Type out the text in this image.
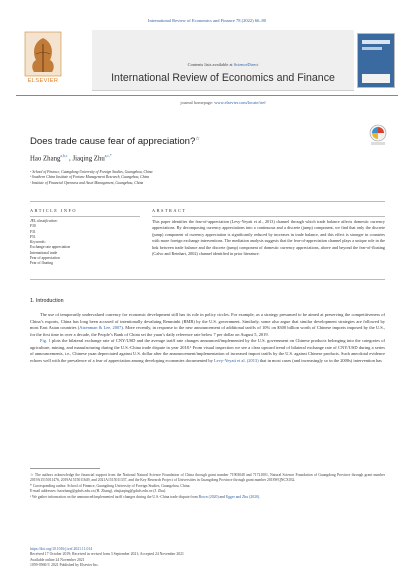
International Review of Economics and Finance 78 (2022) 66–80
ELSEVIER
Contents lists available at ScienceDirect
International Review of Economics and Finance
journal homepage: www.elsevier.com/locate/iref
Does trade cause fear of appreciation?☆
Hao Zhang$^{a,b,c}$ , Jiaqing Zhu$^{a,c,*}$
ᵃ School of Finance, Guangdong University of Foreign Studies, Guangzhou, China
ᵇ Southern China Institute of Fortune Management Research, Guangzhou, China
ᶜ Institute of Financial Openness and Asset Management, Guangzhou, China
ARTICLE INFO	ABSTRACT
JEL classification:
F30
F31
F51
Keywords:
Exchange rate appreciation
International trade
Fear of appreciation
Fear of floating
This paper identifies the fear-of-appreciation (Levy-Yeyati et al., 2013) channel through which trade balance affects domestic currency appreciations. By decomposing currency appreciations into a continuous and a discrete (jump) component, we find that only the discrete (jump) component of currency appreciation is significantly reduced by increases in trade balance, and this effect is stronger in countries with more foreign exchange interventions. The mediation analysis suggests that the fear-of-appreciation channel plays a unique role in the link between trade balance and the discrete (jump) component of domestic currency appreciations, above and beyond the fear-of-floating (Calvo and Reinhart, 2002) channel identified in prior literature.
1. Introduction

The use of temporarily undervalued currency for economic development still has its role in policy circles. For example, as a strategy presumed to be aimed at preserving the competitiveness of China’s exports, China has long been accused of intentionally devaluing Renminbi (RMB) by the U.S. government. Similarly, some also argue that similar development strategies are followed by most East Asian countries (Aizenman & Lee, 2007). More recently, in response to the new announcement of additional tariffs of 10% on $300 billion worth of Chinese imports imposed by the U.S., for the first time in over a decade, the People’s Bank of China set the yuan’s daily reference rate below 7 per dollar on August 5, 2019.

Fig. 1 plots the bilateral exchange rate of CNY/USD and the average tariff rate changes announced/implemented by the U.S. government on Chinese products belonging into the categories of agriculture, mining, and manufacturing during the U.S.-China trade dispute in year 2018.¹ From visual inspection we see a clear upward trend of bilateral exchange rate of CNY/USD during a series of announcements, i.e., Chinese yuan depreciated against U.S. dollar after the announcement/implementation of increased import tariffs by the U.S. against Chinese products. Such anecdotal evidence echoes well with the prevalence of a fear of appreciation among developing economies documented by Levy-Yeyati et al. (2013) that in most cases (and increasingly so in the 2000s) intervention has

☆ The authors acknowledge the financial support from the National Natural Science Foundation of China through grant number 71903040 and 71721001, Natural Science Foundation of Guangdong Province through grant number 2019A1515011476, 2019A1515011649, and 2021A1515011337, and the Key Research Project of Universities in Guangdong Province through grant number 2018WQNCX032.

* Corresponding author. School of Finance, Guangdong University of Foreign Studies, Guangzhou, China.

E-mail addresses: haozhang@gdufs.edu.cn (H. Zhang), zhujiaqing@gdufs.edu.cn (J. Zhu).

¹ We gather information on the announced/implemented tariff changes during the U.S.-China trade dispute from Bown (2020) and Egger and Zhu (2020).

https://doi.org/10.1016/j.iref.2021.11.014
Received 17 October 2019; Received in revised form 3 September 2021; Accepted 24 November 2021
Available online 24 November 2021
1059-0560/© 2021 Published by Elsevier Inc.
